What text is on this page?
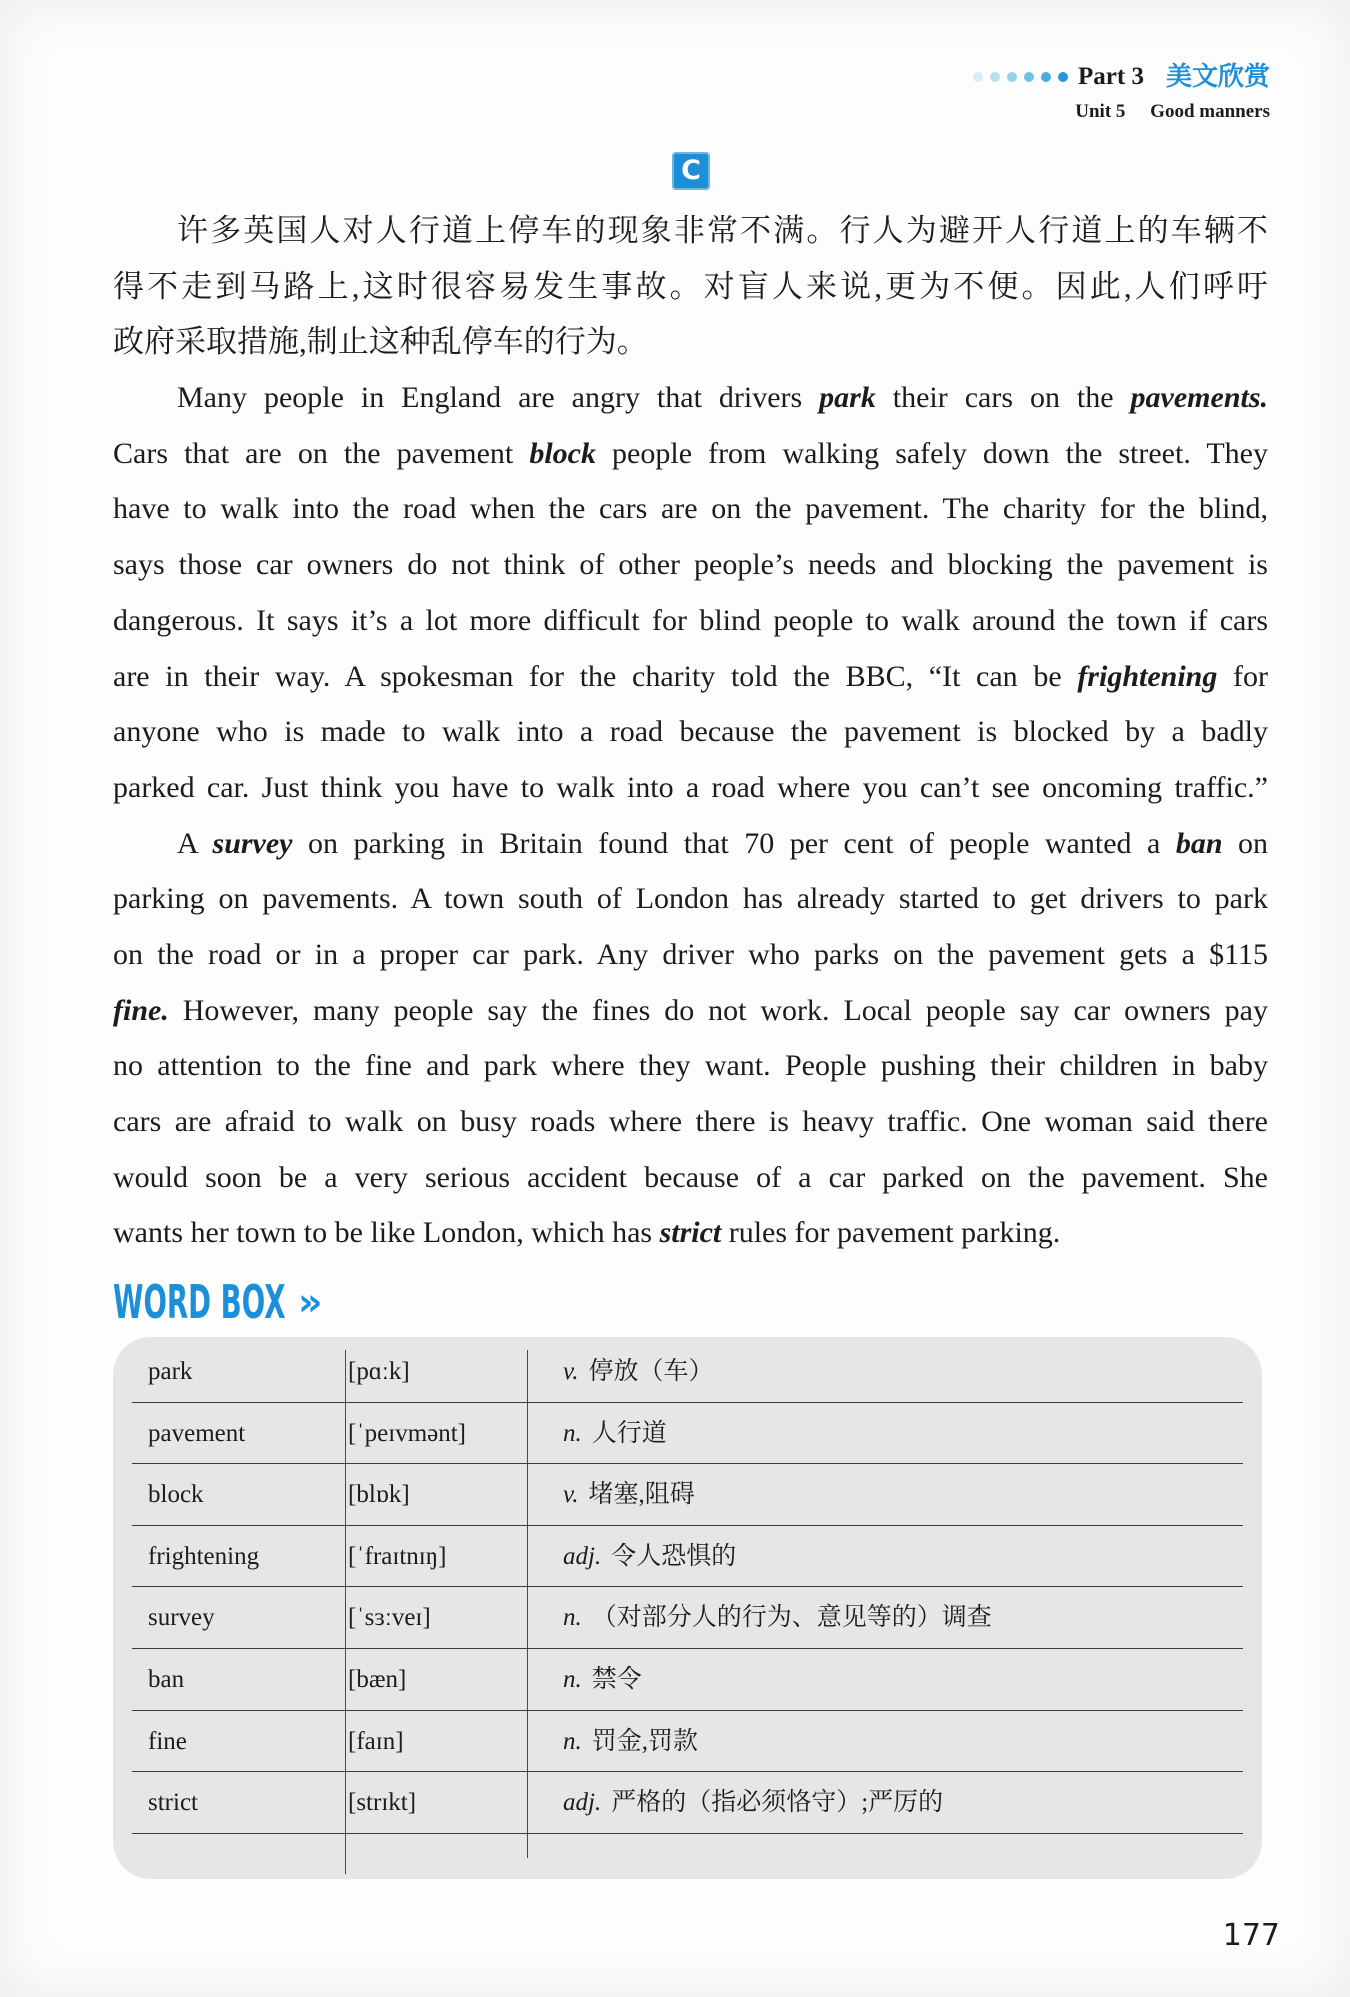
Part 3 美文欣赏
Unit 5 Good manners
C
许多英国人对人行道上停车的现象非常不满。行人为避开人行道上的车辆不
得不走到马路上,这时很容易发生事故。对盲人来说,更为不便。因此,人们呼吁
政府采取措施,制止这种乱停车的行为。
Many people in England are angry that drivers park their cars on the pavements.
Cars that are on the pavement block people from walking safely down the street. They
have to walk into the road when the cars are on the pavement. The charity for the blind,
says those car owners do not think of other people’s needs and blocking the pavement is
dangerous. It says it’s a lot more difficult for blind people to walk around the town if cars
are in their way. A spokesman for the charity told the BBC, “It can be frightening for
anyone who is made to walk into a road because the pavement is blocked by a badly
parked car. Just think you have to walk into a road where you can’t see oncoming traffic.”
A survey on parking in Britain found that 70 per cent of people wanted a ban on
parking on pavements. A town south of London has already started to get drivers to park
on the road or in a proper car park. Any driver who parks on the pavement gets a $115
fine. However, many people say the fines do not work. Local people say car owners pay
no attention to the fine and park where they want. People pushing their children in baby
cars are afraid to walk on busy roads where there is heavy traffic. One woman said there
would soon be a very serious accident because of a car parked on the pavement. She
wants her town to be like London, which has strict rules for pavement parking.
WORD BOX »
park	[pɑːk]	v. 停放（车）
pavement	[ˈpeɪvmənt]	n. 人行道
block	[blɒk]	v. 堵塞,阻碍
frightening	[ˈfraɪtnɪŋ]	adj. 令人恐惧的
survey	[ˈsɜːveɪ]	n. （对部分人的行为、意见等的）调查
ban	[bæn]	n. 禁令
fine	[faɪn]	n. 罚金,罚款
strict	[strɪkt]	adj. 严格的（指必须恪守）;严厉的
177
